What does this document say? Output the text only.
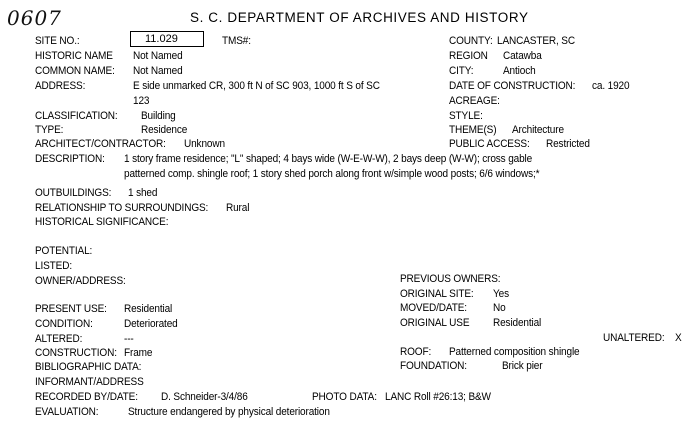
0607	S. C. DEPARTMENT OF ARCHIVES AND HISTORY
SITE NO.:	11.029	TMS#:
HISTORIC NAME Not Named
COMMON NAME: Not Named
ADDRESS:	E side unmarked CR, 300 ft N of SC 903, 1000 ft S of SC
123
CLASSIFICATION: Building
TYPE:	Residence
ARCHITECT/CONTRACTOR: Unknown
COUNTY: LANCASTER, SC
REGION Catawba
CITY:	Antioch
DATE OF CONSTRUCTION: ca. 1920
ACREAGE:
STYLE:
THEME(S) Architecture
PUBLIC ACCESS: Restricted
DESCRIPTION: 1 story frame residence; "L" shaped; 4 bays wide (W-E-W-W), 2 bays deep (W-W); cross gable
patterned comp. shingle roof; 1 story shed porch along front w/simple wood posts; 6/6 windows;*
OUTBUILDINGS: 1 shed
RELATIONSHIP TO SURROUNDINGS: Rural
HISTORICAL SIGNIFICANCE:
POTENTIAL:
LISTED:
OWNER/ADDRESS:	PREVIOUS OWNERS:
ORIGINAL SITE: Yes
MOVED/DATE: No
ORIGINAL USE Residential
UNALTERED: X
PRESENT USE: Residential
CONDITION:	Deteriorated
ALTERED:	---
CONSTRUCTION: Frame	ROOF: Patterned composition shingle
BIBLIOGRAPHIC DATA:	FOUNDATION:	Brick pier
INFORMANT/ADDRESS
RECORDED BY/DATE: D. Schneider-3/4/86	PHOTO DATA: LANC Roll #26:13; B&W
EVALUATION:	Structure endangered by physical deterioration
